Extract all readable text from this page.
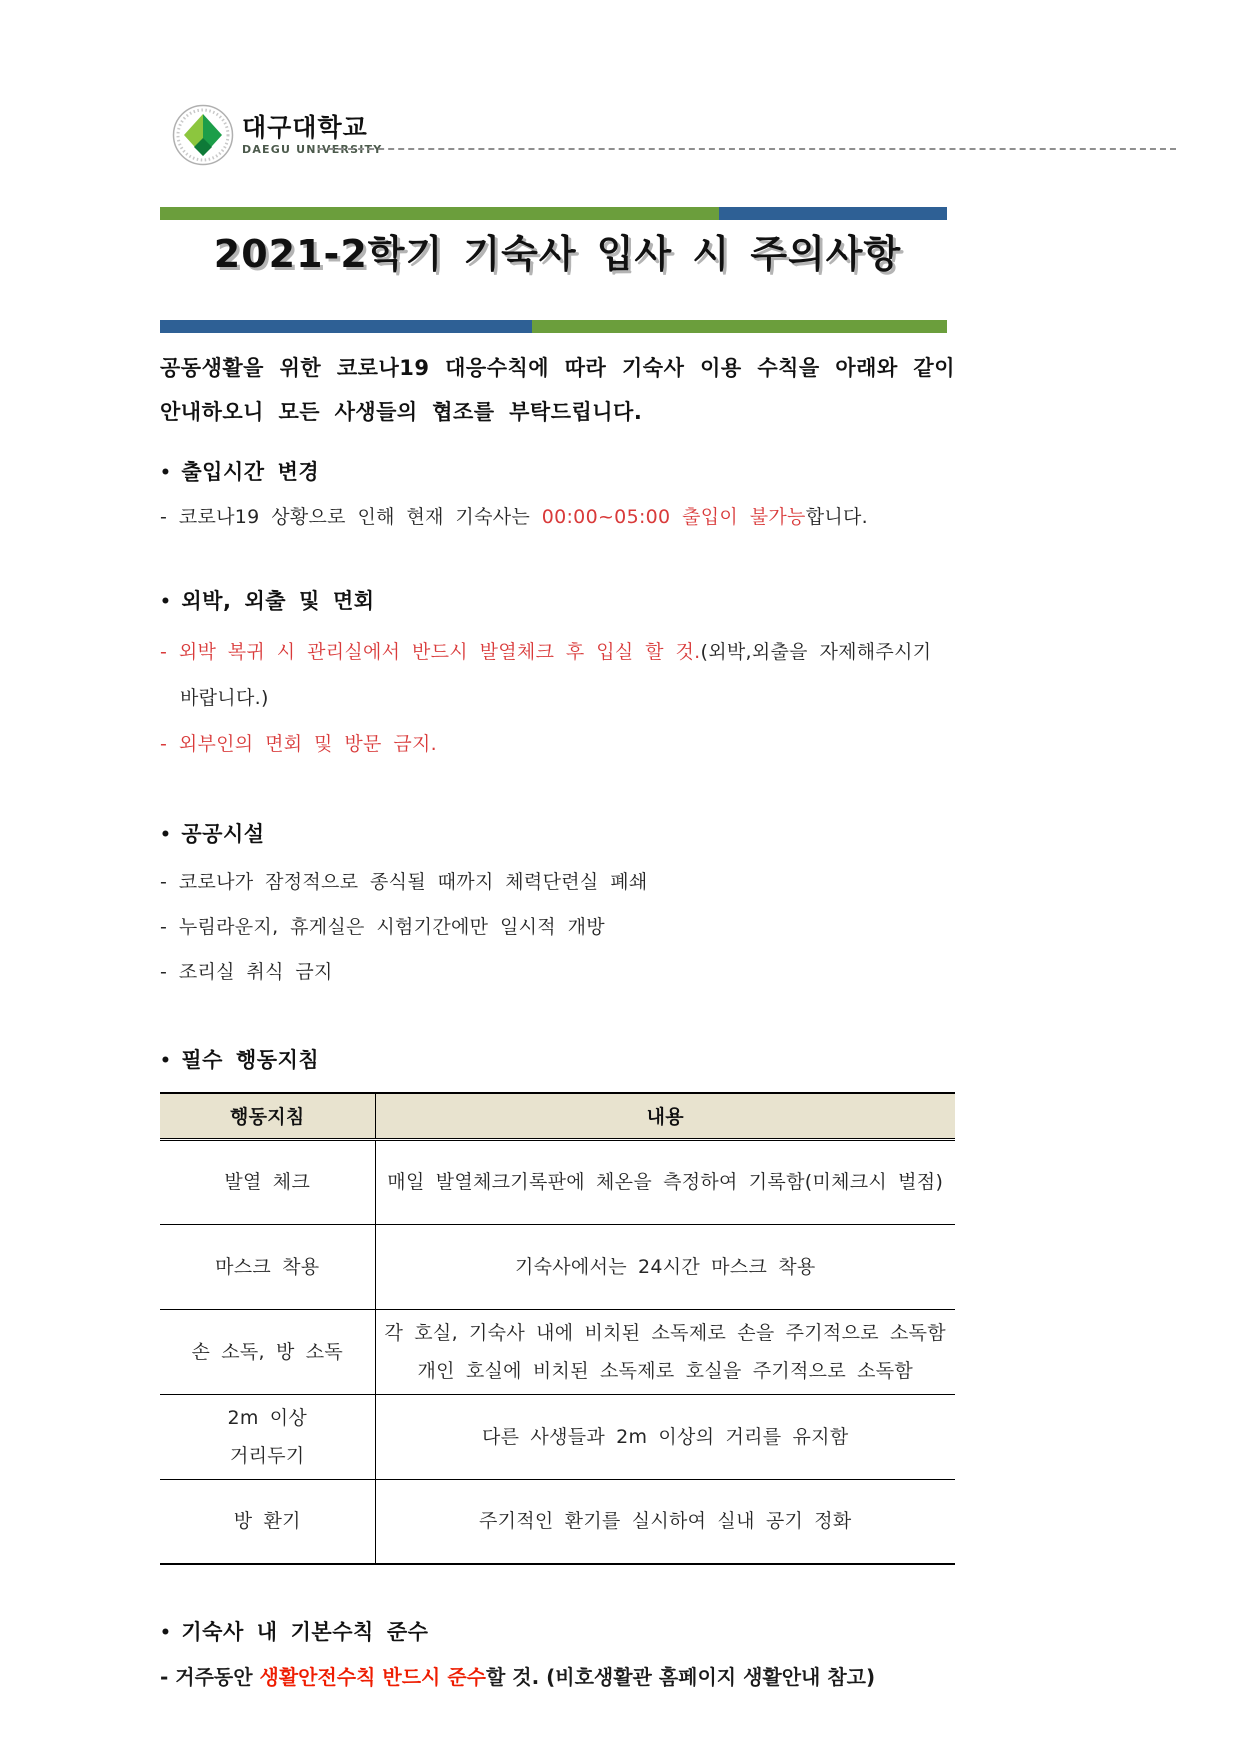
대구대학교
DAEGU UNIVERSITY
2021-2학기 기숙사 입사 시 주의사항

공동생활을 위한 코로나19 대응수칙에 따라 기숙사 이용 수칙을 아래와 같이 안내하오니 모든 사생들의 협조를 부탁드립니다.

• 출입시간 변경
- 코로나19 상황으로 인해 현재 기숙사는 00:00~05:00 출입이 불가능합니다.
• 외박, 외출 및 면회
- 외박 복귀 시 관리실에서 반드시 발열체크 후 입실 할 것.(외박,외출을 자제해주시기 바랍니다.)
- 외부인의 면회 및 방문 금지.
• 공공시설
- 코로나가 잠정적으로 종식될 때까지 체력단련실 폐쇄
- 누림라운지, 휴게실은 시험기간에만 일시적 개방
- 조리실 취식 금지
• 필수 행동지침
행동지침	내용
발열 체크	매일 발열체크기록판에 체온을 측정하여 기록함(미체크시 벌점)
마스크 착용	기숙사에서는 24시간 마스크 착용
손 소독, 방 소독	각 호실, 기숙사 내에 비치된 소독제로 손을 주기적으로 소독함
개인 호실에 비치된 소독제로 호실을 주기적으로 소독함

2m 이상
거리두기	다른 사생들과 2m 이상의 거리를 유지함
방 환기	주기적인 환기를 실시하여 실내 공기 정화
• 기숙사 내 기본수칙 준수
- 거주동안 생활안전수칙 반드시 준수할 것. (비호생활관 홈페이지 생활안내 참고)
